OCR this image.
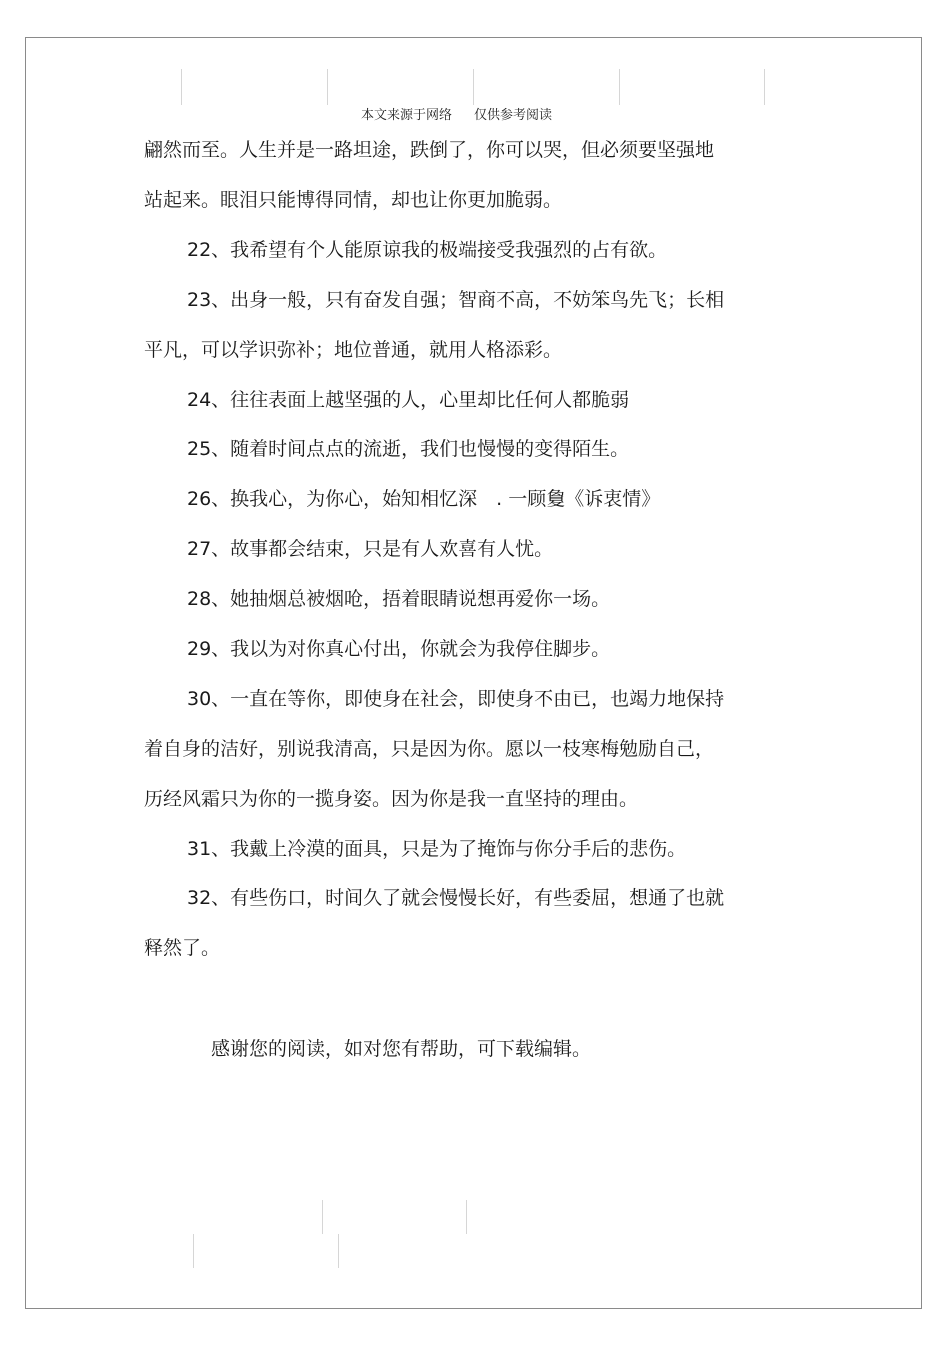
本文来源于网络 仅供参考阅读
翩然而至。人生并是一路坦途，跌倒了，你可以哭，但必须要坚强地
站起来。眼泪只能博得同情，却也让你更加脆弱。
22、我希望有个人能原谅我的极端接受我强烈的占有欲。
23、出身一般，只有奋发自强；智商不高，不妨笨鸟先飞；长相
平凡，可以学识弥补；地位普通，就用人格添彩。
24、往往表面上越坚强的人，心里却比任何人都脆弱
25、随着时间点点的流逝，我们也慢慢的变得陌生。
26、换我心，为你心，始知相忆深　. 一顾敻《诉衷情》
27、故事都会结束，只是有人欢喜有人忧。
28、她抽烟总被烟呛，捂着眼睛说想再爱你一场。
29、我以为对你真心付出，你就会为我停住脚步。
30、一直在等你，即使身在社会，即使身不由已，也竭力地保持
着自身的洁好，别说我清高，只是因为你。愿以一枝寒梅勉励自己，
历经风霜只为你的一揽身姿。因为你是我一直坚持的理由。
31、我戴上冷漠的面具，只是为了掩饰与你分手后的悲伤。
32、有些伤口，时间久了就会慢慢长好，有些委屈，想通了也就
释然了。
感谢您的阅读，如对您有帮助，可下载编辑。
